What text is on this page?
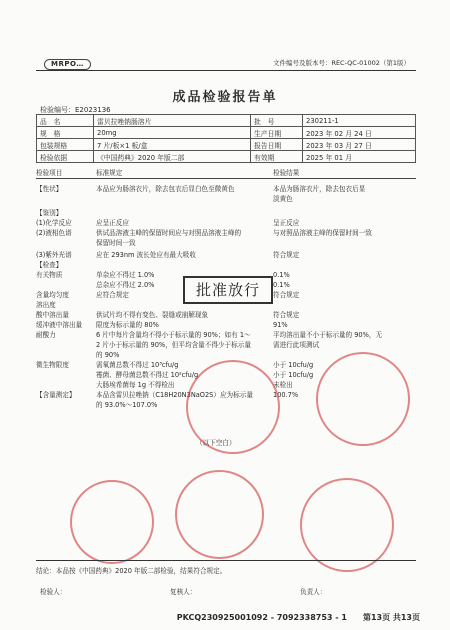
MRPO…	文件编号及版本号：REC-QC-01002（第1版）
成品检验报告单
检验编号：E2023136
品　名	雷贝拉唑钠肠溶片	批　号	230211-1
规　格	20mg	生产日期	2023 年 02 月 24 日
包装规格	7 片/板×1 板/盒	报告日期	2023 年 03 月 27 日
检验依据	《中国药典》2020 年版二部	有效期	2025 年 01 月
检验项目	标准规定	检验结果
【性状】	本品应为肠溶衣片，除去包衣后显白色至微黄色	本品为肠溶衣片，除去包衣后显
淡黄色
【鉴别】
(1)化学反应	应呈正反应	呈正反应
(2)液相色谱	供试品溶液主峰的保留时间应与对照品溶液主峰的	与对照品溶液主峰的保留时间一致
保留时间一致
(3)紫外光谱	应在 293nm 波长处应有最大吸收	符合规定
【检查】
有关物质	单杂应不得过 1.0%	0.1%
总杂应不得过 2.0%	0.1%
含量均匀度	应符合规定	符合规定
溶出度
酸中溶出量	供试片均不得有变色、裂缝或崩解现象	符合规定
缓冲液中溶出量	限度为标示量的 80%	91%
耐酸力	6 片中每片含量均不得小于标示量的 90%；如有 1～	平均溶出量不小于标示量的 90%，无
2 片小于标示量的 90%，但平均含量不得少于标示量	需进行此项测试
的 90%
微生物限度	需氧菌总数不得过 10³cfu/g	小于 10cfu/g
霉菌、酵母菌总数不得过 10²cfu/g	小于 10cfu/g
大肠埃希菌每 1g 不得检出	未检出
【含量测定】	本品含雷贝拉唑钠（C18H20N3NaO2S）应为标示量	100.7%
的 93.0%～107.0%
（以下空白）
批准放行
结论：本品按《中国药典》2020 年版二部检验，结果符合规定。
检验人：	复核人：	负责人：
PKCQ230925001092 - 7092338753 - 1　　第13页 共13页
